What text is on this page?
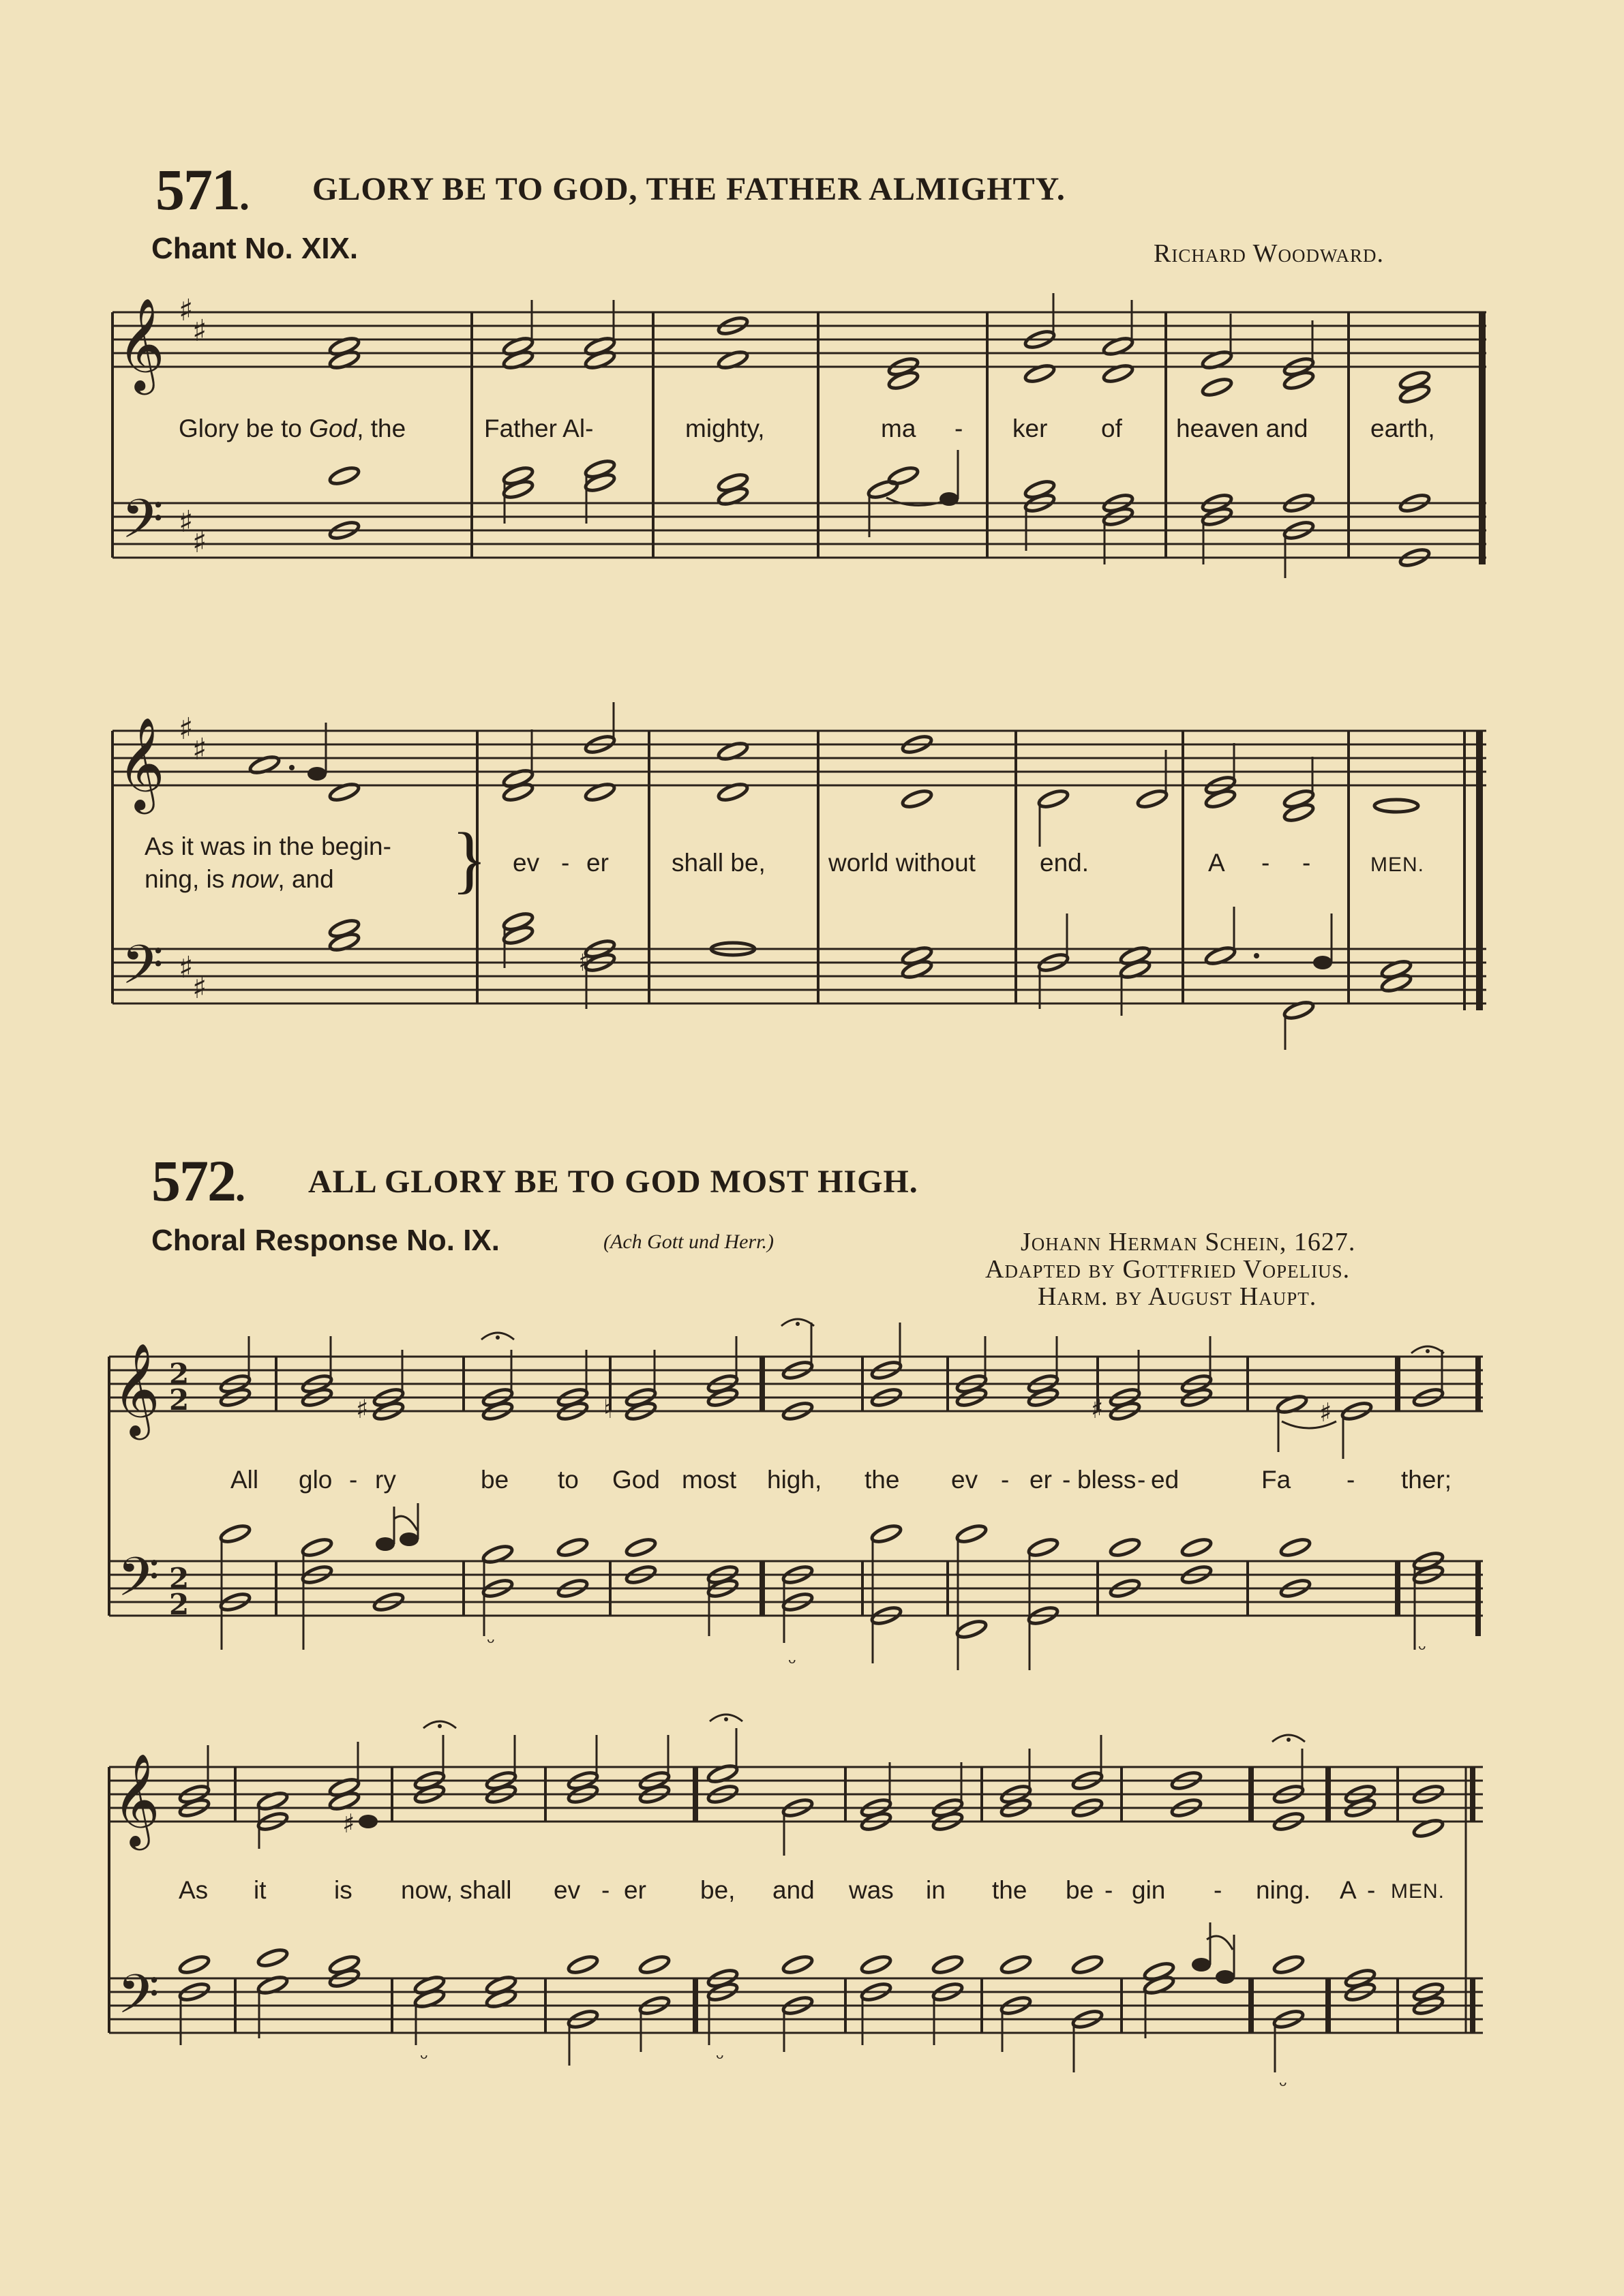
571. GLORY BE TO GOD, THE FATHER ALMIGHTY.
Chant No. XIX.	Richard Woodward.
𝄞
𝄢
♯
♯
♯
♯
𝄞
𝄢
♯
♯
♯
♯
♯
𝄞
𝄢
2
2
2
2
♯	♮	♯	♯
ᵕ
ᵕ
ᵕ
𝄞
𝄢
♯
ᵕ	ᵕ
ᵕ
Glory be to God, the	Father Al-	mighty,	ma - ker of heaven and earth,
As it was in the begin-
ning, is now, and	} ev - er shall be, world without	end.	A - -	MEN.
572. ALL GLORY BE TO GOD MOST HIGH.
Choral Response No. IX.	(Ach Gott und Herr.)	Johann Herman Schein, 1627.
Adapted by Gottfried Vopelius.
Harm. by August Haupt.
All glo - ry	be to God most high, the ev - er - bless - ed	Fa - ther;
As it	is now, shall ev - er be, and was in the be - gin - ning. A - MEN.
